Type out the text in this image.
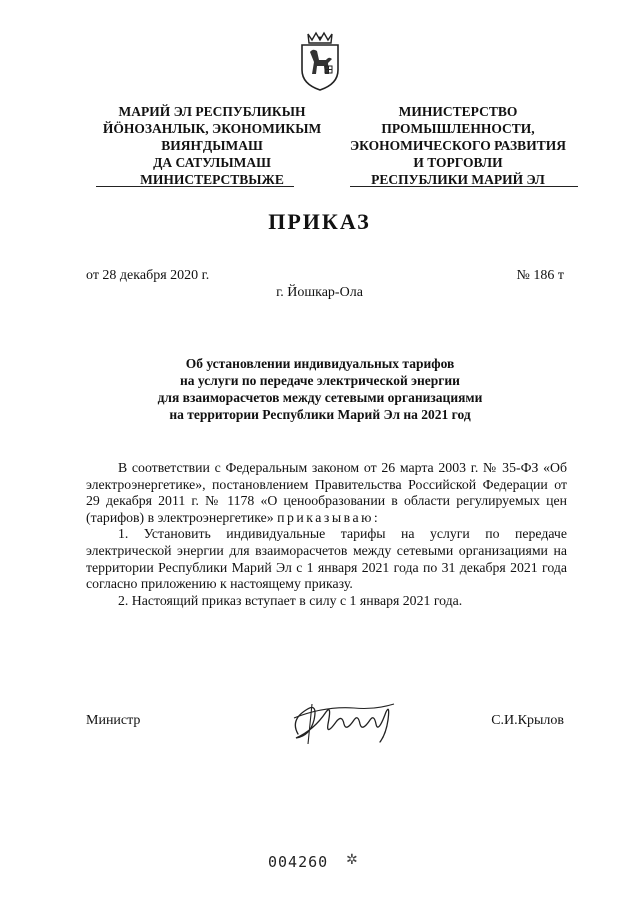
МАРИЙ ЭЛ РЕСПУБЛИКЫН
ЙӦНОЗАНЛЫК, ЭКОНОМИКЫМ
ВИЯҤДЫМАШ
ДА САТУЛЫМАШ
МИНИСТЕРСТВЫЖЕ
МИНИСТЕРСТВО
ПРОМЫШЛЕННОСТИ,
ЭКОНОМИЧЕСКОГО РАЗВИТИЯ
И ТОРГОВЛИ
РЕСПУБЛИКИ МАРИЙ ЭЛ
ПРИКАЗ
от 28 декабря 2020 г.	№ 186 т
г. Йошкар-Ола
Об установлении индивидуальных тарифов
на услуги по передаче электрической энергии
для взаиморасчетов между сетевыми организациями
на территории Республики Марий Эл на 2021 год

В соответствии с Федеральным законом от 26 марта 2003 г. № 35-ФЗ «Об электроэнергетике», постановлением Правительства Российской Федерации от 29 декабря 2011 г. № 1178 «О ценообразовании в области регулируемых цен (тарифов) в электроэнергетике» приказываю:

1. Установить индивидуальные тарифы на услуги по передаче электрической энергии для взаиморасчетов между сетевыми организациями на территории Республики Марий Эл с 1 января 2021 года по 31 декабря 2021 года согласно приложению к настоящему приказу.

2. Настоящий приказ вступает в силу с 1 января 2021 года.

Министр	С.И.Крылов
004260 ✲
